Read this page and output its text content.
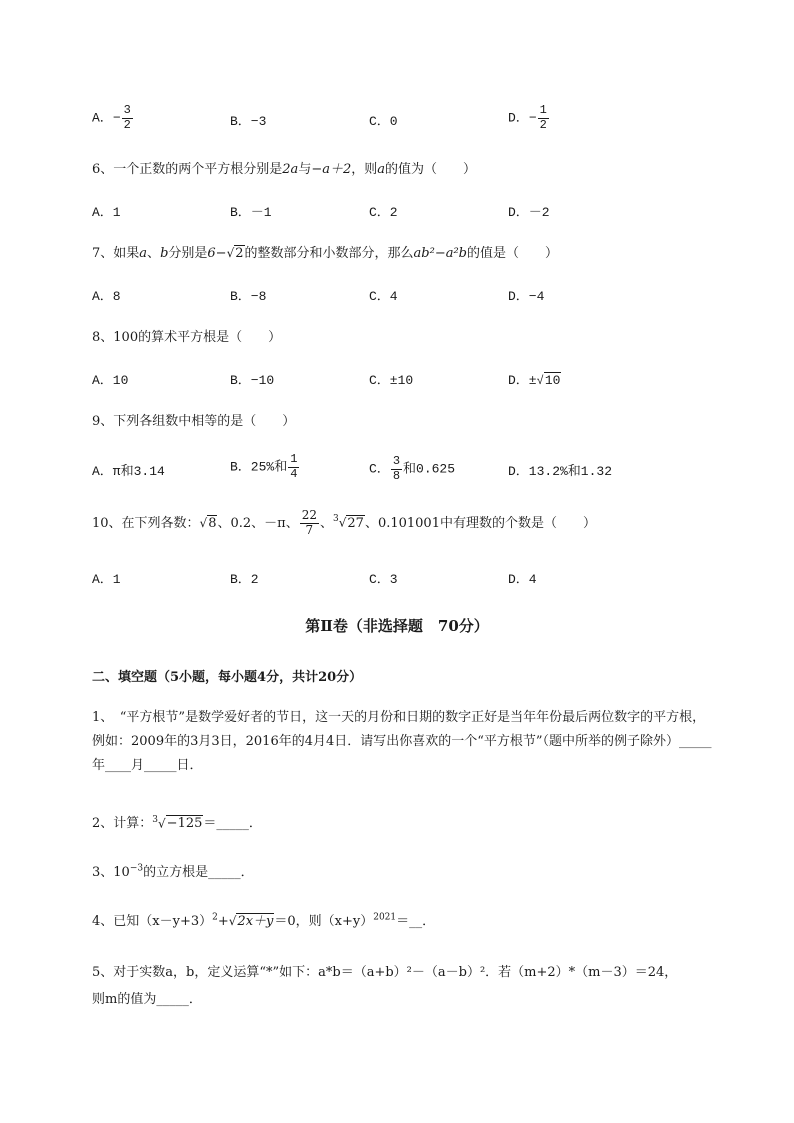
A．− $\frac{3}{2}$	B．−3	C．0	D．− $\frac{1}{2}$
6、一个正数的两个平方根分别是2a与−a＋2，则a的值为（　　）
A．1	B．－1	C．2	D．－2
7、如果a、b分别是6−√2的整数部分和小数部分，那么ab²−a²b的值是（　　）
A．8	B．−8	C．4	D．−4
8、100的算术平方根是（　　）
A．10	B．−10	C．±10	D．±√10
9、下列各组数中相等的是（　　）
A．π和3.14	B．25%和 $\frac{1}{4}$	C． $\frac{3}{8}$ 和0.625	D．13.2%和1.32
10、在下列各数：√8、0.2、－π、 $\frac{22}{7}$ 、$^3$√27、0.101001中有理数的个数是（　　）
A．1	B．2	C．3	D．4
第Ⅱ卷（非选择题　70分）
二、填空题（5小题，每小题4分，共计20分）
1、　“平方根节”是数学爱好者的节日，这一天的月份和日期的数字正好是当年年份最后两位数字的平方根，例如：2009年的3月3日，2016年的4月4日．请写出你喜欢的一个“平方根节”（题中所举的例子除外）_____年____月_____日．
2、计算：$^3$√−125＝_____．
3、$10^{-3}$的立方根是_____．
4、已知$(x-y+3)^2+√2x+y=0$，则$(x+y)^{2021}=\_\_$．
5、对于实数a，b，定义运算“*”如下：a*b＝（a+b）²－（a－b）²．若（m+2）*（m－3）＝24，
则m的值为_____．
